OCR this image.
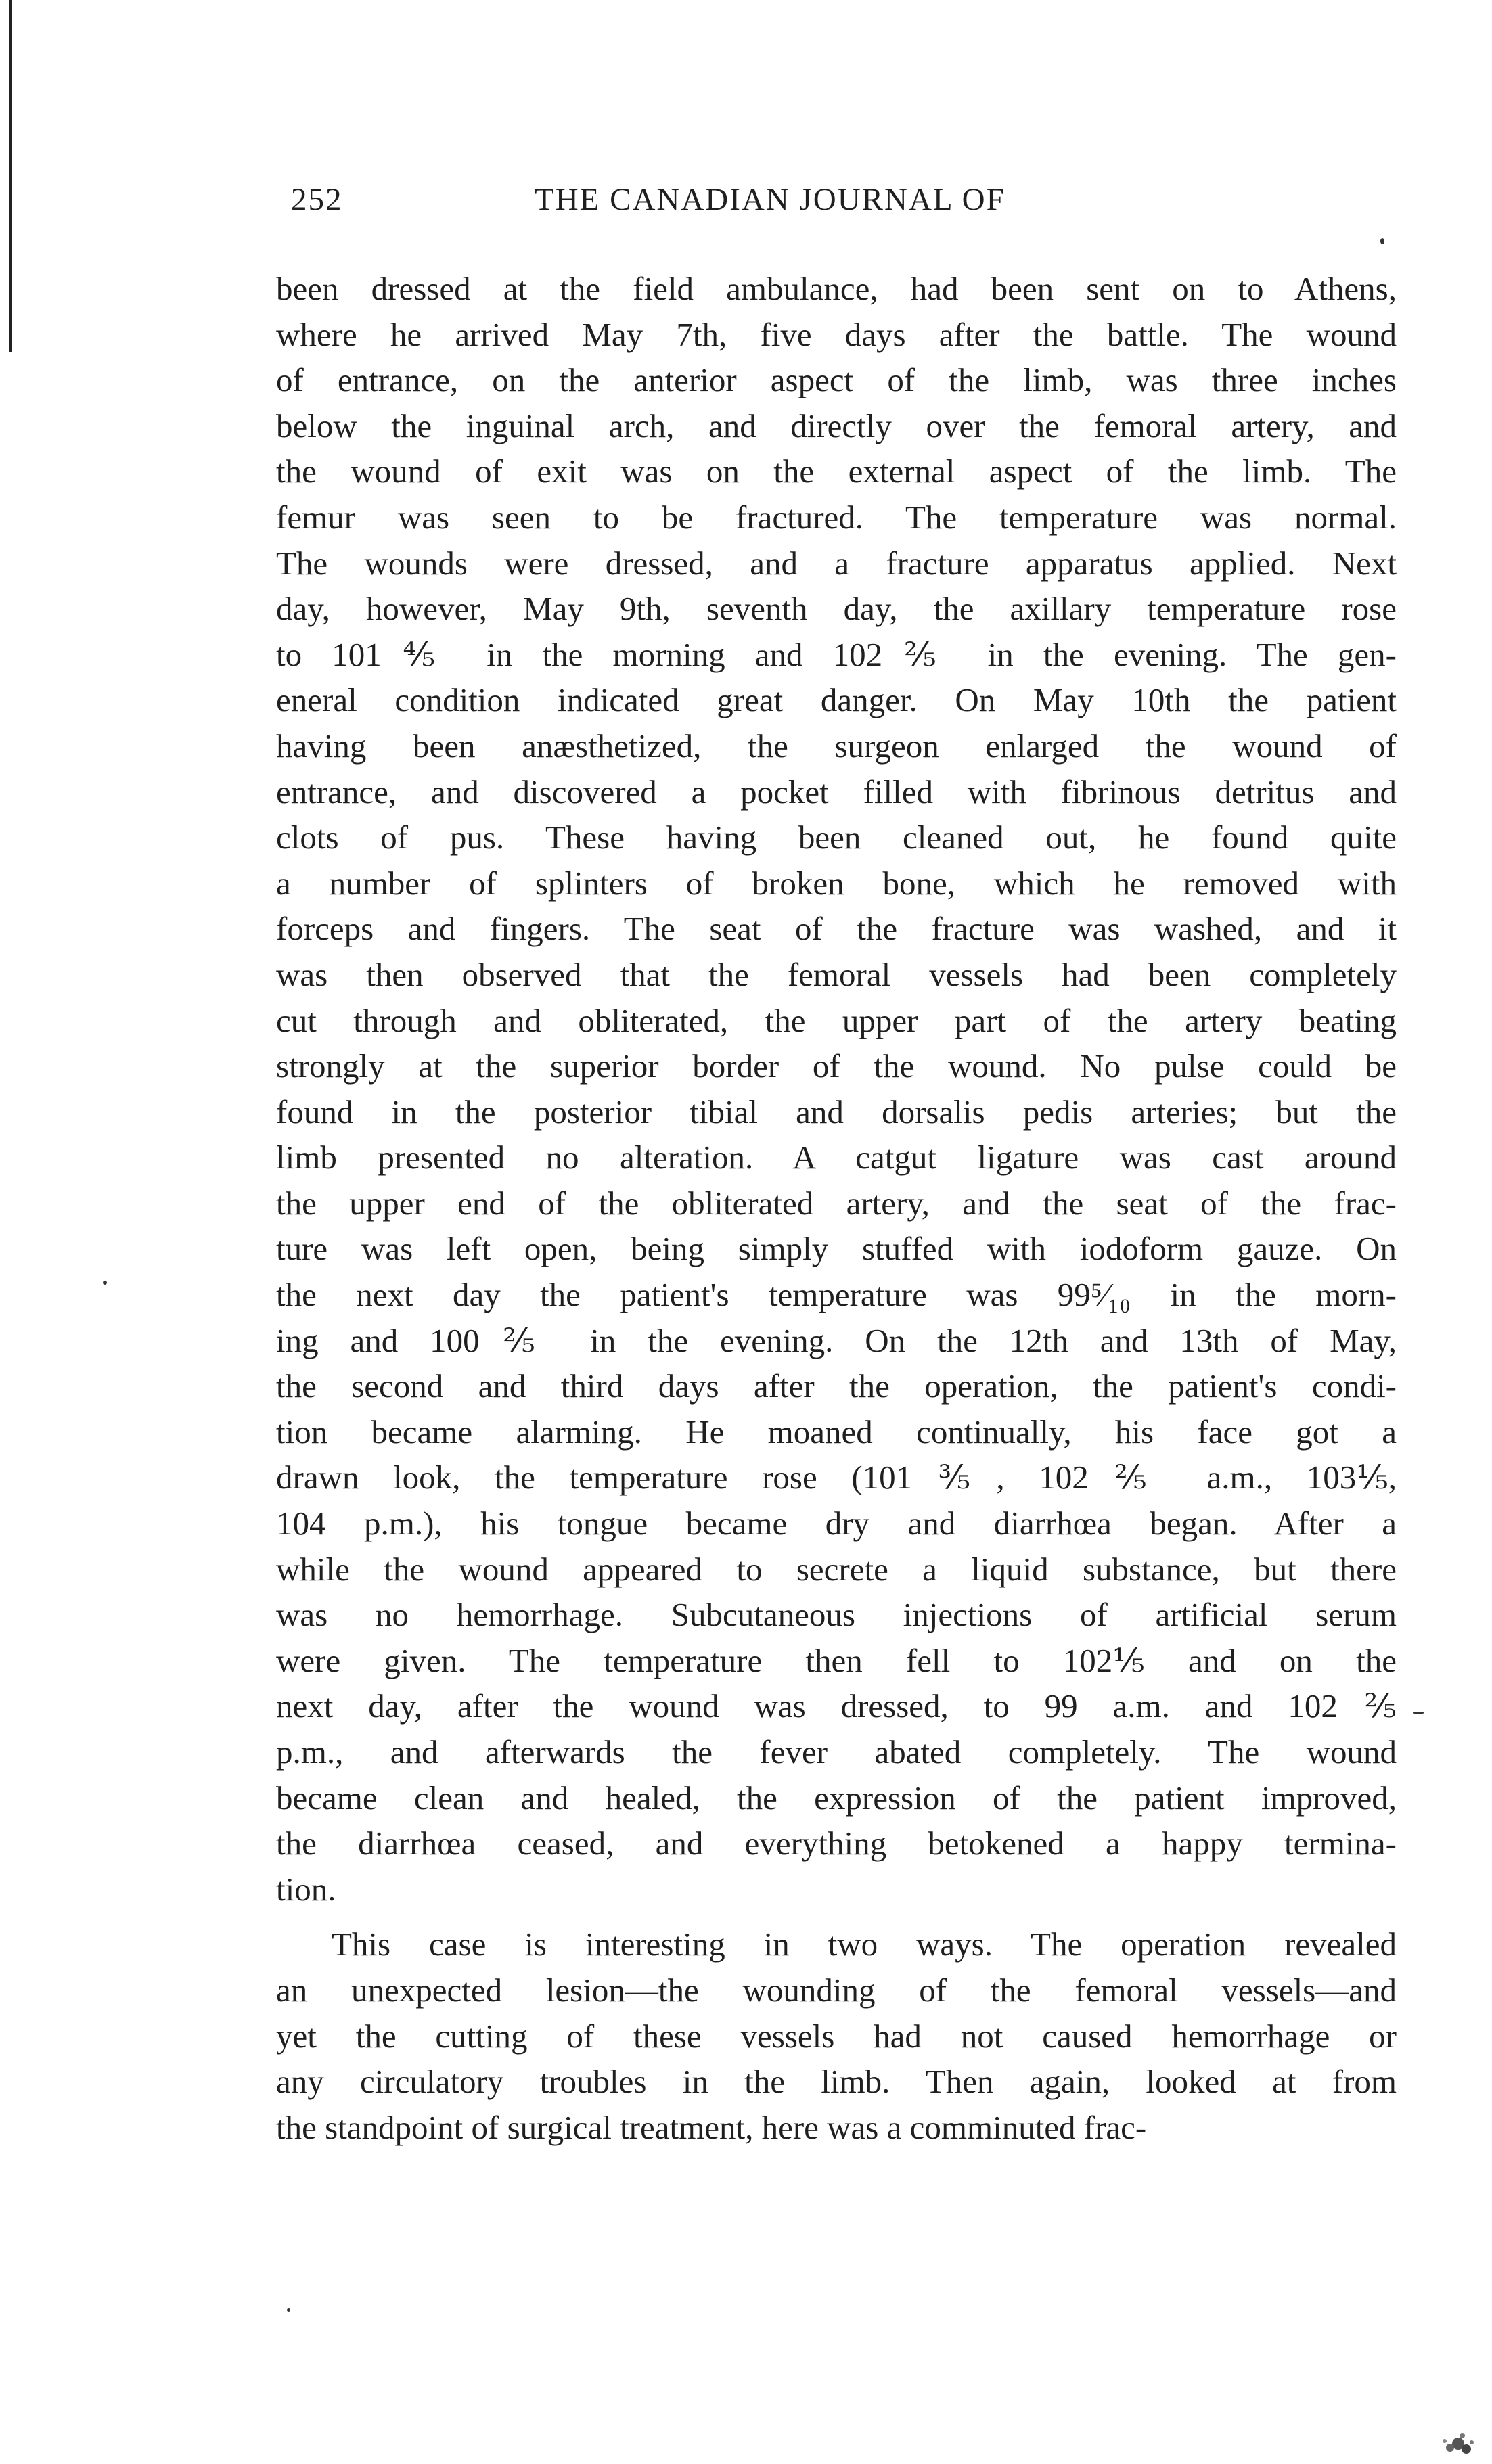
252	THE CANADIAN JOURNAL OF
been dressed at the field ambulance, had been sent on to Athens,
where he arrived May 7th, five days after the battle. The wound
of entrance, on the anterior aspect of the limb, was three inches
below the inguinal arch, and directly over the femoral artery, and
the wound of exit was on the external aspect of the limb. The
femur was seen to be fractured. The temperature was normal.
The wounds were dressed, and a fracture apparatus applied. Next
day, however, May 9th, seventh day, the axillary temperature rose
to 101⅘ in the morning and 102⅖ in the evening. The gen-
eneral condition indicated great danger. On May 10th the patient
having been anæsthetized, the surgeon enlarged the wound of
entrance, and discovered a pocket filled with fibrinous detritus and
clots of pus. These having been cleaned out, he found quite
a number of splinters of broken bone, which he removed with
forceps and fingers. The seat of the fracture was washed, and it
was then observed that the femoral vessels had been completely
cut through and obliterated, the upper part of the artery beating
strongly at the superior border of the wound. No pulse could be
found in the posterior tibial and dorsalis pedis arteries; but the
limb presented no alteration. A catgut ligature was cast around
the upper end of the obliterated artery, and the seat of the frac-
ture was left open, being simply stuffed with iodoform gauze. On
the next day the patient's temperature was 99⁵⁄₁₀ in the morn-
ing and 100⅖ in the evening. On the 12th and 13th of May,
the second and third days after the operation, the patient's condi-
tion became alarming. He moaned continually, his face got a
drawn look, the temperature rose (101⅗, 102⅖ a.m., 103⅕,
104 p.m.), his tongue became dry and diarrhœa began. After a
while the wound appeared to secrete a liquid substance, but there
was no hemorrhage. Subcutaneous injections of artificial serum
were given. The temperature then fell to 102⅕ and on the
next day, after the wound was dressed, to 99 a.m. and 102⅖
p.m., and afterwards the fever abated completely. The wound
became clean and healed, the expression of the patient improved,
the diarrhœa ceased, and everything betokened a happy termina-
tion.
This case is interesting in two ways. The operation revealed
an unexpected lesion—the wounding of the femoral vessels—and
yet the cutting of these vessels had not caused hemorrhage or
any circulatory troubles in the limb. Then again, looked at from
the standpoint of surgical treatment, here was a comminuted frac-
